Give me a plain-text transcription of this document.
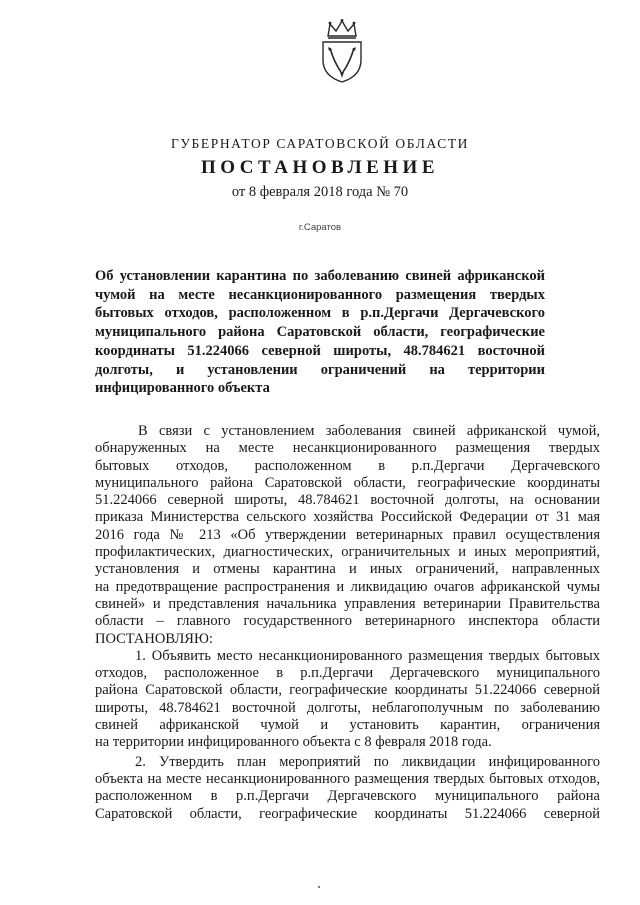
ГУБЕРНАТОР САРАТОВСКОЙ ОБЛАСТИ
ПОСТАНОВЛЕНИЕ
от 8 февраля 2018 года № 70
г.Саратов
Об установлении карантина по заболеванию свиней африканской
чумой на месте несанкционированного размещения твердых
бытовых отходов, расположенном в р.п.Дергачи Дергачевского
муниципального района Саратовской области, географические
координаты 51.224066 северной широты, 48.784621 восточной
долготы, и установлении ограничений на территории
инфицированного объекта
В связи с установлением заболевания свиней африканской чумой,
обнаруженных на месте несанкционированного размещения твердых
бытовых отходов, расположенном в р.п.Дергачи Дергачевского
муниципального района Саратовской области, географические координаты
51.224066 северной широты, 48.784621 восточной долготы, на основании
приказа Министерства сельского хозяйства Российской Федерации от 31 мая
2016 года № 213 «Об утверждении ветеринарных правил осуществления
профилактических, диагностических, ограничительных и иных мероприятий,
установления и отмены карантина и иных ограничений, направленных
на предотвращение распространения и ликвидацию очагов африканской чумы
свиней» и представления начальника управления ветеринарии Правительства
области – главного государственного ветеринарного инспектора области
ПОСТАНОВЛЯЮ:
1. Объявить место несанкционированного размещения твердых бытовых
отходов, расположенное в р.п.Дергачи Дергачевского муниципального
района Саратовской области, географические координаты 51.224066 северной
широты, 48.784621 восточной долготы, неблагополучным по заболеванию
свиней африканской чумой и установить карантин, ограничения
на территории инфицированного объекта с 8 февраля 2018 года.
2. Утвердить план мероприятий по ликвидации инфицированного
объекта на месте несанкционированного размещения твердых бытовых отходов,
расположенном в р.п.Дергачи Дергачевского муниципального района
Саратовской области, географические координаты 51.224066 северной
